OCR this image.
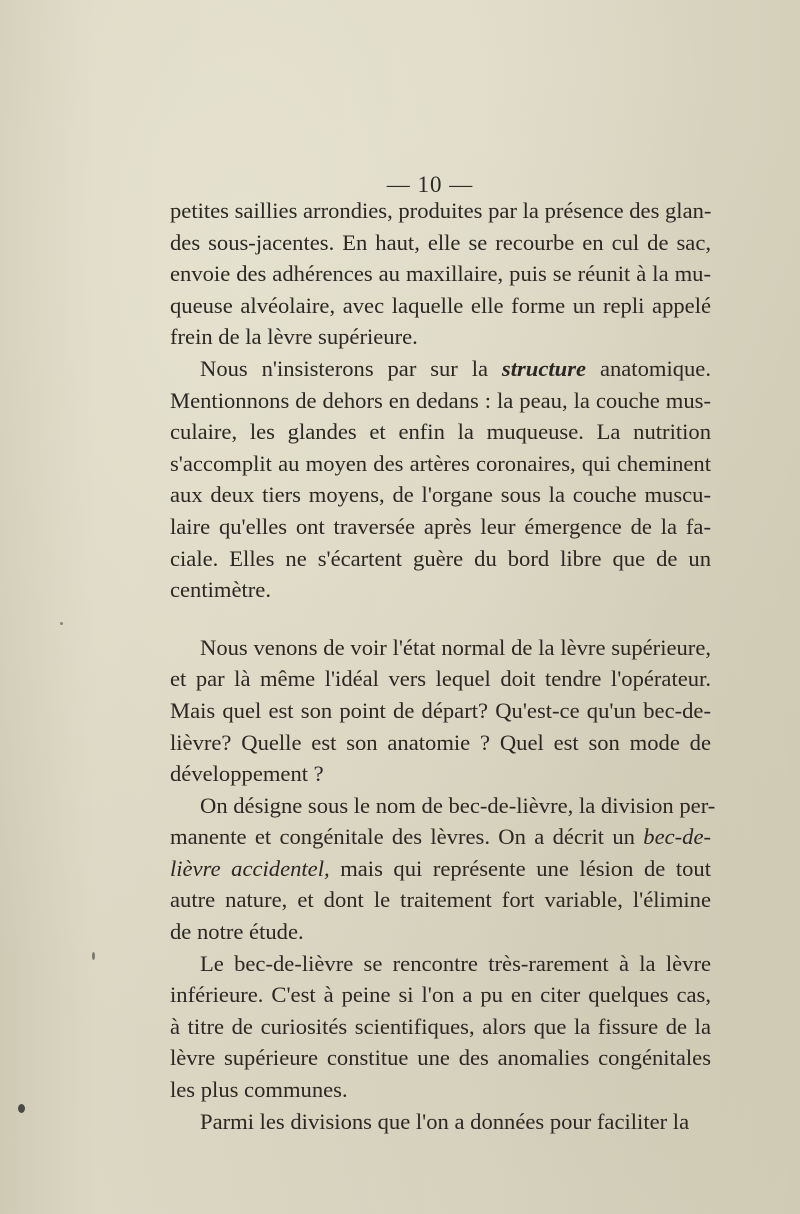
— 10 —
petites saillies arrondies, produites par la présence des glan-
des sous-jacentes. En haut, elle se recourbe en cul de sac,
envoie des adhérences au maxillaire, puis se réunit à la mu-
queuse alvéolaire, avec laquelle elle forme un repli appelé
frein de la lèvre supérieure.
Nous n'insisterons par sur la structure anatomique.
Mentionnons de dehors en dedans : la peau, la couche mus-
culaire, les glandes et enfin la muqueuse. La nutrition
s'accomplit au moyen des artères coronaires, qui cheminent
aux deux tiers moyens, de l'organe sous la couche muscu-
laire qu'elles ont traversée après leur émergence de la fa-
ciale. Elles ne s'écartent guère du bord libre que de un
centimètre.
Nous venons de voir l'état normal de la lèvre supérieure,
et par là même l'idéal vers lequel doit tendre l'opérateur.
Mais quel est son point de départ? Qu'est-ce qu'un bec-de-
lièvre? Quelle est son anatomie ? Quel est son mode de
développement ?
On désigne sous le nom de bec-de-lièvre, la division per-
manente et congénitale des lèvres. On a décrit un bec-de-
lièvre accidentel, mais qui représente une lésion de tout
autre nature, et dont le traitement fort variable, l'élimine
de notre étude.
Le bec-de-lièvre se rencontre très-rarement à la lèvre
inférieure. C'est à peine si l'on a pu en citer quelques cas,
à titre de curiosités scientifiques, alors que la fissure de la
lèvre supérieure constitue une des anomalies congénitales
les plus communes.
Parmi les divisions que l'on a données pour faciliter la
